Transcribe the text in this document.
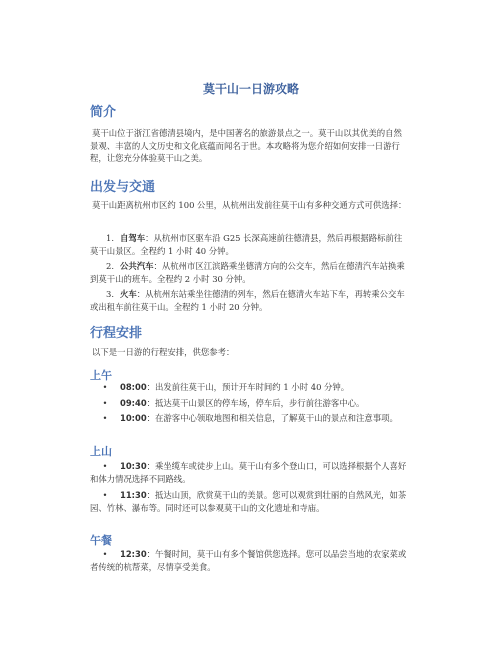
莫干山一日游攻略
简介
莫干山位于浙江省德清县境内，是中国著名的旅游景点之一。莫干山以其优美的自然景观、丰富的人文历史和文化底蕴而闻名于世。本攻略将为您介绍如何安排一日游行程，让您充分体验莫干山之美。
出发与交通
莫干山距离杭州市区约 100 公里，从杭州出发前往莫干山有多种交通方式可供选择：
1. 自驾车：从杭州市区驱车沿 G25 长深高速前往德清县，然后再根据路标前往莫干山景区。全程约 1 小时 40 分钟。
2. 公共汽车：从杭州市区江滨路乘坐德清方向的公交车，然后在德清汽车站换乘到莫干山的班车。全程约 2 小时 30 分钟。
3. 火车：从杭州东站乘坐往德清的列车，然后在德清火车站下车，再转乘公交车或出租车前往莫干山。全程约 1 小时 20 分钟。
行程安排
以下是一日游的行程安排，供您参考：
上午
• 08:00：出发前往莫干山，预计开车时间约 1 小时 40 分钟。
• 09:40：抵达莫干山景区的停车场，停车后，步行前往游客中心。
• 10:00：在游客中心领取地图和相关信息，了解莫干山的景点和注意事项。
上山
• 10:30：乘坐缆车或徒步上山。莫干山有多个登山口，可以选择根据个人喜好和体力情况选择不同路线。
• 11:30：抵达山顶，欣赏莫干山的美景。您可以观赏到壮丽的自然风光，如茶园、竹林、瀑布等。同时还可以参观莫干山的文化遗址和寺庙。
午餐
• 12:30：午餐时间，莫干山有多个餐馆供您选择。您可以品尝当地的农家菜或者传统的杭帮菜，尽情享受美食。
